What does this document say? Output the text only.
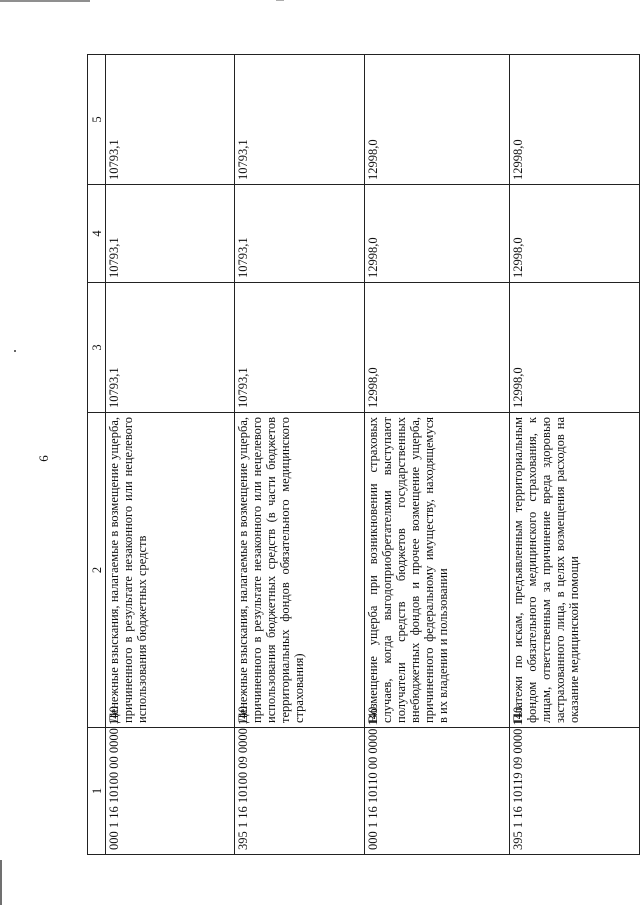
6
1	2	3	4	5
000 1 16 10100 00 0000 140	Денежные взыскания, налагаемые в возмещение ущерба, причиненного в результате незаконного или нецелевого использования бюджетных средств	10793,1	10793,1	10793,1
395 1 16 10100 09 0000 140	Денежные взыскания, налагаемые в возмещение ущерба, причиненного в результате незаконного или нецелевого использования бюджетных средств (в части бюджетов территориальных фондов обязательного медицинского страхования)	10793,1	10793,1	10793,1
000 1 16 10110 00 0000 140	Возмещение ущерба при возникновении страховых случаев, когда выгодоприобретателями выступают получатели средств бюджетов государственных внебюджетных фондов и прочее возмещение ущерба, причиненного федеральному имуществу, находящемуся в их владении и пользовании	12998,0	12998,0	12998,0
395 1 16 10119 09 0000 140	Платежи по искам, предъявленным территориальным фондом обязательного медицинского страхования, к лицам, ответственным за причинение вреда здоровью застрахованного лица, в целях возмещения расходов на оказание медицинской помощи	12998,0	12998,0	12998,0
